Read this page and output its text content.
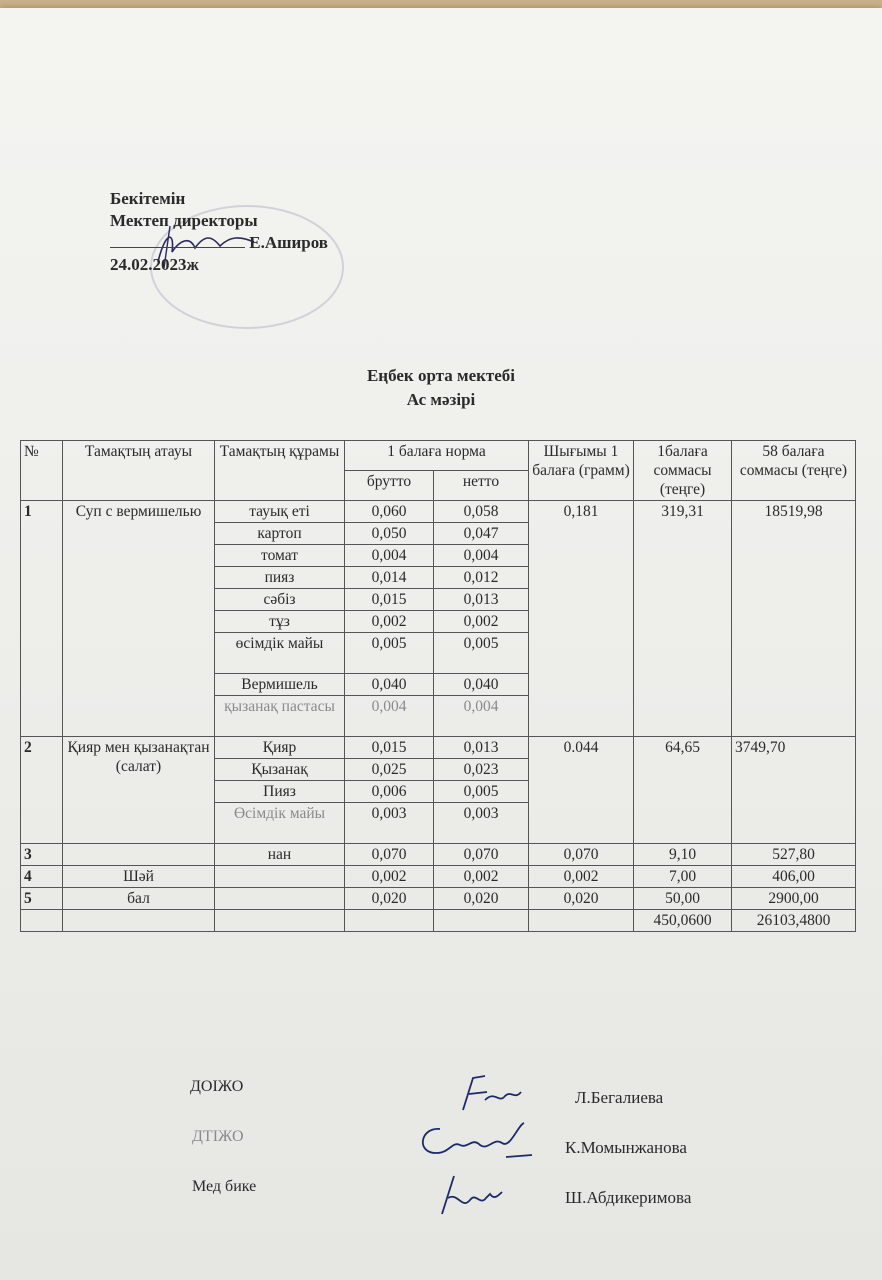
Бекітемін
Мектеп директоры
Е.Аширов
24.02.2023ж
Еңбек орта мектебі
Ас мәзірі
№	Тамақтың атауы	Тамақтың құрамы	1 балаға норма		Шығымы 1 балаға (грамм)	1балаға соммасы (теңге)	58 балаға соммасы (теңге)
			брутто	нетто			
1	Суп с вермишелью	тауық еті	0,060	0,058	0,181	319,31	18519,98
		картоп	0,050	0,047			
		томат	0,004	0,004			
		пияз	0,014	0,012			
		сәбіз	0,015	0,013			
		тұз	0,002	0,002			
		өсімдік майы	0,005	0,005			
		Вермишель	0,040	0,040			
		қызанақ пастасы	0,004	0,004			
2	Қияр мен қызанақтан (салат)	Қияр	0,015	0,013	0.044	64,65	3749,70
		Қызанақ	0,025	0,023			
		Пияз	0,006	0,005			
		Өсімдік майы	0,003	0,003			
3		нан	0,070	0,070	0,070	9,10	527,80
4	Шәй		0,002	0,002	0,002	7,00	406,00
5	бал		0,020	0,020	0,020	50,00	2900,00
						450,0600	26103,4800
ДОІЖО
ДТІЖО
Мед бике
Л.Бегалиева
К.Момынжанова
Ш.Абдикеримова
